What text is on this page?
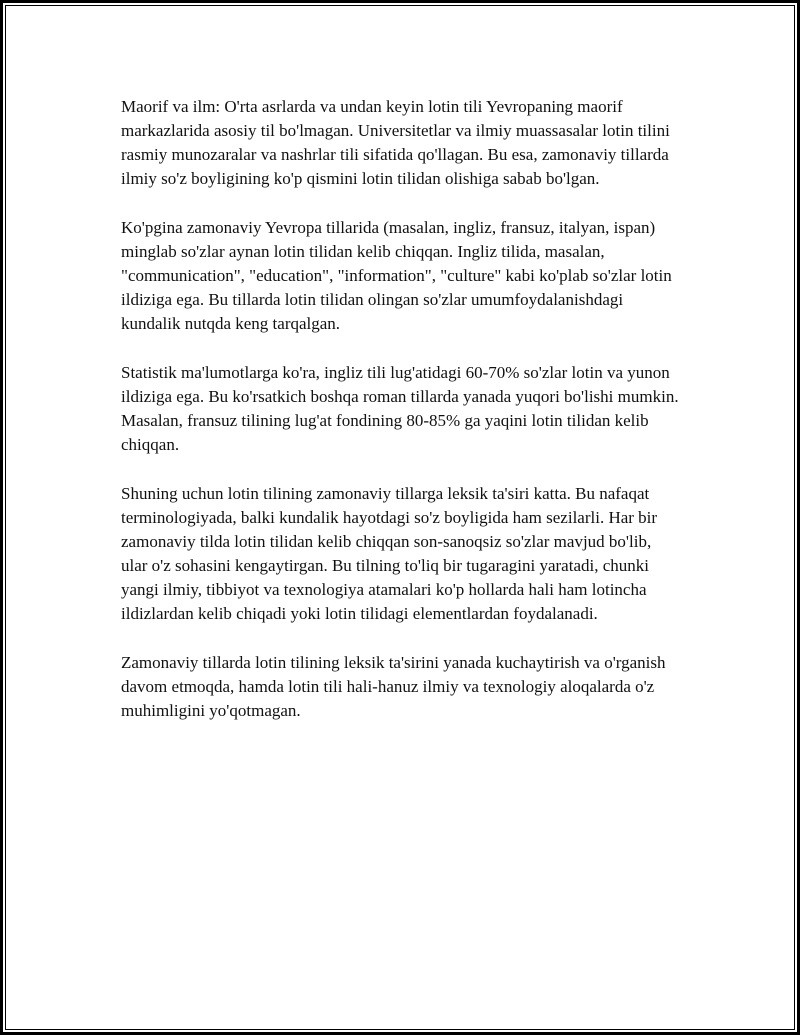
Maorif va ilm: O'rta asrlarda va undan keyin lotin tili Yevropaning maorif markazlarida asosiy til bo'lmagan. Universitetlar va ilmiy muassasalar lotin tilini rasmiy munozaralar va nashrlar tili sifatida qo'llagan. Bu esa, zamonaviy tillarda ilmiy so'z boyligining ko'p qismini lotin tilidan olishiga sabab bo'lgan.

Ko'pgina zamonaviy Yevropa tillarida (masalan, ingliz, fransuz, italyan, ispan) minglab so'zlar aynan lotin tilidan kelib chiqqan. Ingliz tilida, masalan, "communication", "education", "information", "culture" kabi ko'plab so'zlar lotin ildiziga ega. Bu tillarda lotin tilidan olingan so'zlar umumfoydalanishdagi kundalik nutqda keng tarqalgan.

Statistik ma'lumotlarga ko'ra, ingliz tili lug'atidagi 60-70% so'zlar lotin va yunon ildiziga ega. Bu ko'rsatkich boshqa roman tillarda yanada yuqori bo'lishi mumkin. Masalan, fransuz tilining lug'at fondining 80-85% ga yaqini lotin tilidan kelib chiqqan.

Shuning uchun lotin tilining zamonaviy tillarga leksik ta'siri katta. Bu nafaqat terminologiyada, balki kundalik hayotdagi so'z boyligida ham sezilarli. Har bir zamonaviy tilda lotin tilidan kelib chiqqan son-sanoqsiz so'zlar mavjud bo'lib, ular o'z sohasini kengaytirgan. Bu tilning to'liq bir tugaragini yaratadi, chunki yangi ilmiy, tibbiyot va texnologiya atamalari ko'p hollarda hali ham lotincha ildizlardan kelib chiqadi yoki lotin tilidagi elementlardan foydalanadi.

Zamonaviy tillarda lotin tilining leksik ta'sirini yanada kuchaytirish va o'rganish davom etmoqda, hamda lotin tili hali-hanuz ilmiy va texnologiy aloqalarda o'z muhimligini yo'qotmagan.
